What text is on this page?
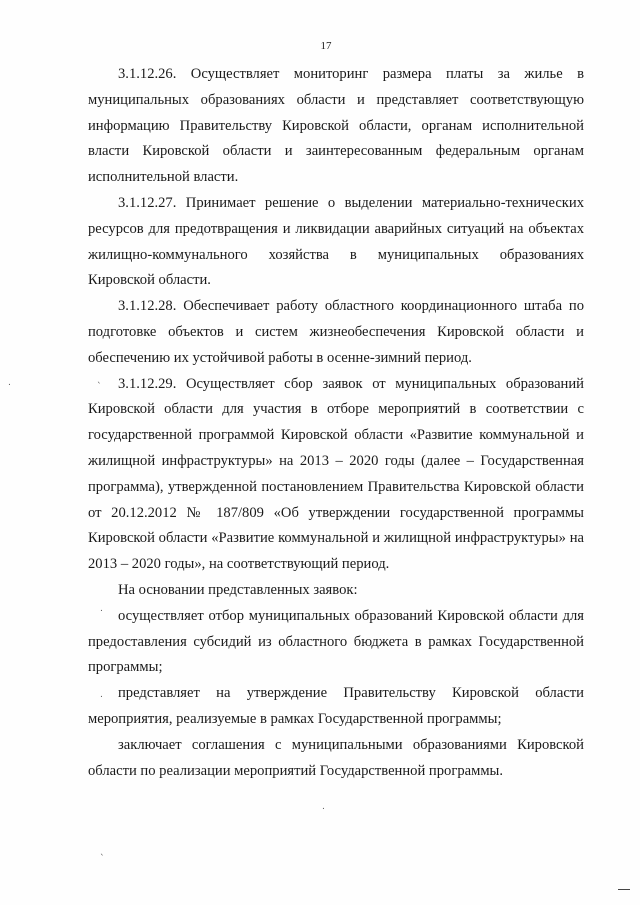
17

3.1.12.26. Осуществляет мониторинг размера платы за жилье в муниципальных образованиях области и представляет соответствующую информацию Правительству Кировской области, органам исполнительной власти Кировской области и заинтересованным федеральным органам исполнительной власти.

3.1.12.27. Принимает решение о выделении материально-технических ресурсов для предотвращения и ликвидации аварийных ситуаций на объектах жилищно-коммунального хозяйства в муниципальных образованиях Кировской области.

3.1.12.28. Обеспечивает работу областного координационного штаба по подготовке объектов и систем жизнеобеспечения Кировской области и обеспечению их устойчивой работы в осенне-зимний период.

3.1.12.29. Осуществляет сбор заявок от муниципальных образований Кировской области для участия в отборе мероприятий в соответствии с государственной программой Кировской области «Развитие коммунальной и жилищной инфраструктуры» на 2013 – 2020 годы (далее – Государственная программа), утвержденной постановлением Правительства Кировской области от 20.12.2012 № 187/809 «Об утверждении государственной программы Кировской области «Развитие коммунальной и жилищной инфраструктуры» на 2013 – 2020 годы», на соответствующий период.

На основании представленных заявок:

осуществляет отбор муниципальных образований Кировской области для предоставления субсидий из областного бюджета в рамках Государственной программы;

представляет на утверждение Правительству Кировской области мероприятия, реализуемые в рамках Государственной программы;

заключает соглашения с муниципальными образованиями Кировской области по реализации мероприятий Государственной программы.

`
.
.
.
`
.
